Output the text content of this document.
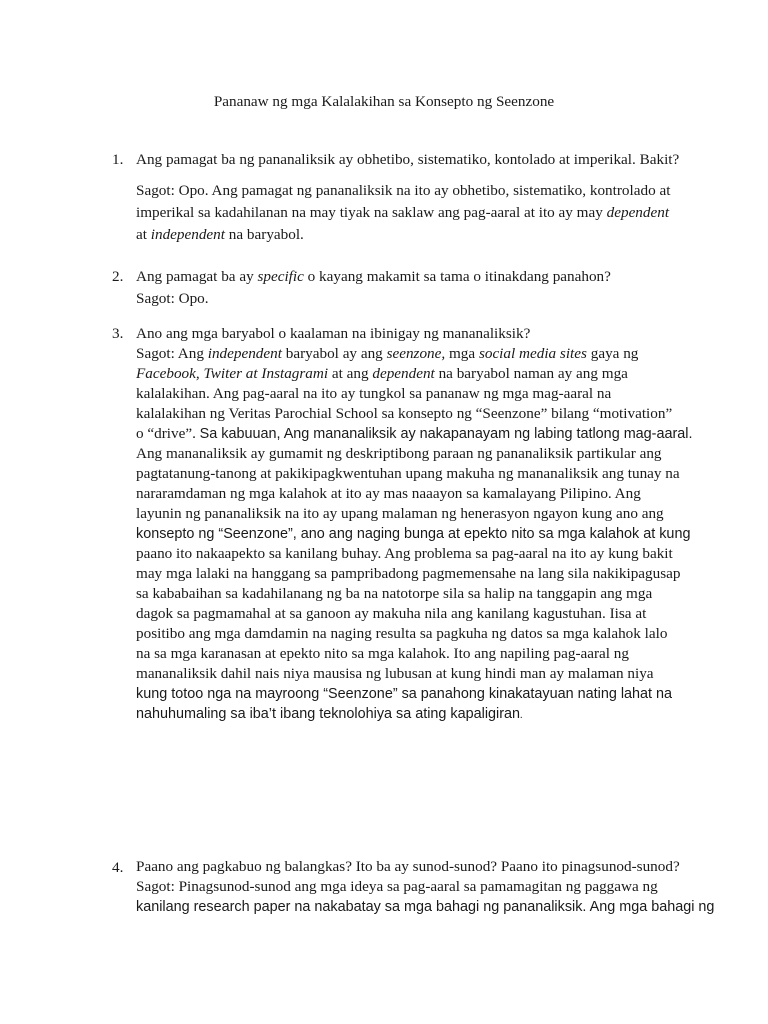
Pananaw ng mga Kalalakihan sa Konsepto ng Seenzone
1. Ang pamagat ba ng pananaliksik ay obhetibo, sistematiko, kontolado at imperikal. Bakit?
Sagot: Opo. Ang pamagat ng pananaliksik na ito ay obhetibo, sistematiko, kontrolado at
imperikal sa kadahilanan na may tiyak na saklaw ang pag-aaral at ito ay may dependent
at independent na baryabol.
2. Ang pamagat ba ay specific o kayang makamit sa tama o itinakdang panahon?
Sagot: Opo.
3. Ano ang mga baryabol o kaalaman na ibinigay ng mananaliksik?
Sagot: Ang independent baryabol ay ang seenzone, mga social media sites gaya ng
Facebook, Twiter at Instagrami at ang dependent na baryabol naman ay ang mga
kalalakihan. Ang pag-aaral na ito ay tungkol sa pananaw ng mga mag-aaral na
kalalakihan ng Veritas Parochial School sa konsepto ng “Seenzone” bilang “motivation”
o “drive”. Sa kabuuan, Ang mananaliksik ay nakapanayam ng labing tatlong mag-aaral.
Ang mananaliksik ay gumamit ng deskriptibong paraan ng pananaliksik partikular ang
pagtatanung-tanong at pakikipagkwentuhan upang makuha ng mananaliksik ang tunay na
nararamdaman ng mga kalahok at ito ay mas naaayon sa kamalayang Pilipino. Ang
layunin ng pananaliksik na ito ay upang malaman ng henerasyon ngayon kung ano ang
konsepto ng “Seenzone”, ano ang naging bunga at epekto nito sa mga kalahok at kung
paano ito nakaapekto sa kanilang buhay. Ang problema sa pag-aaral na ito ay kung bakit
may mga lalaki na hanggang sa pampribadong pagmemensahe na lang sila nakikipagusap
sa kababaihan sa kadahilanang ng ba na natotorpe sila sa halip na tanggapin ang mga
dagok sa pagmamahal at sa ganoon ay makuha nila ang kanilang kagustuhan. Iisa at
positibo ang mga damdamin na naging resulta sa pagkuha ng datos sa mga kalahok lalo
na sa mga karanasan at epekto nito sa mga kalahok. Ito ang napiling pag-aaral ng
mananaliksik dahil nais niya mausisa ng lubusan at kung hindi man ay malaman niya
kung totoo nga na mayroong “Seenzone” sa panahong kinakatayuan nating lahat na
nahuhumaling sa iba’t ibang teknolohiya sa ating kapaligiran.
4. Paano ang pagkabuo ng balangkas? Ito ba ay sunod-sunod? Paano ito pinagsunod-sunod?
Sagot: Pinagsunod-sunod ang mga ideya sa pag-aaral sa pamamagitan ng paggawa ng
kanilang research paper na nakabatay sa mga bahagi ng pananaliksik. Ang mga bahagi ng
